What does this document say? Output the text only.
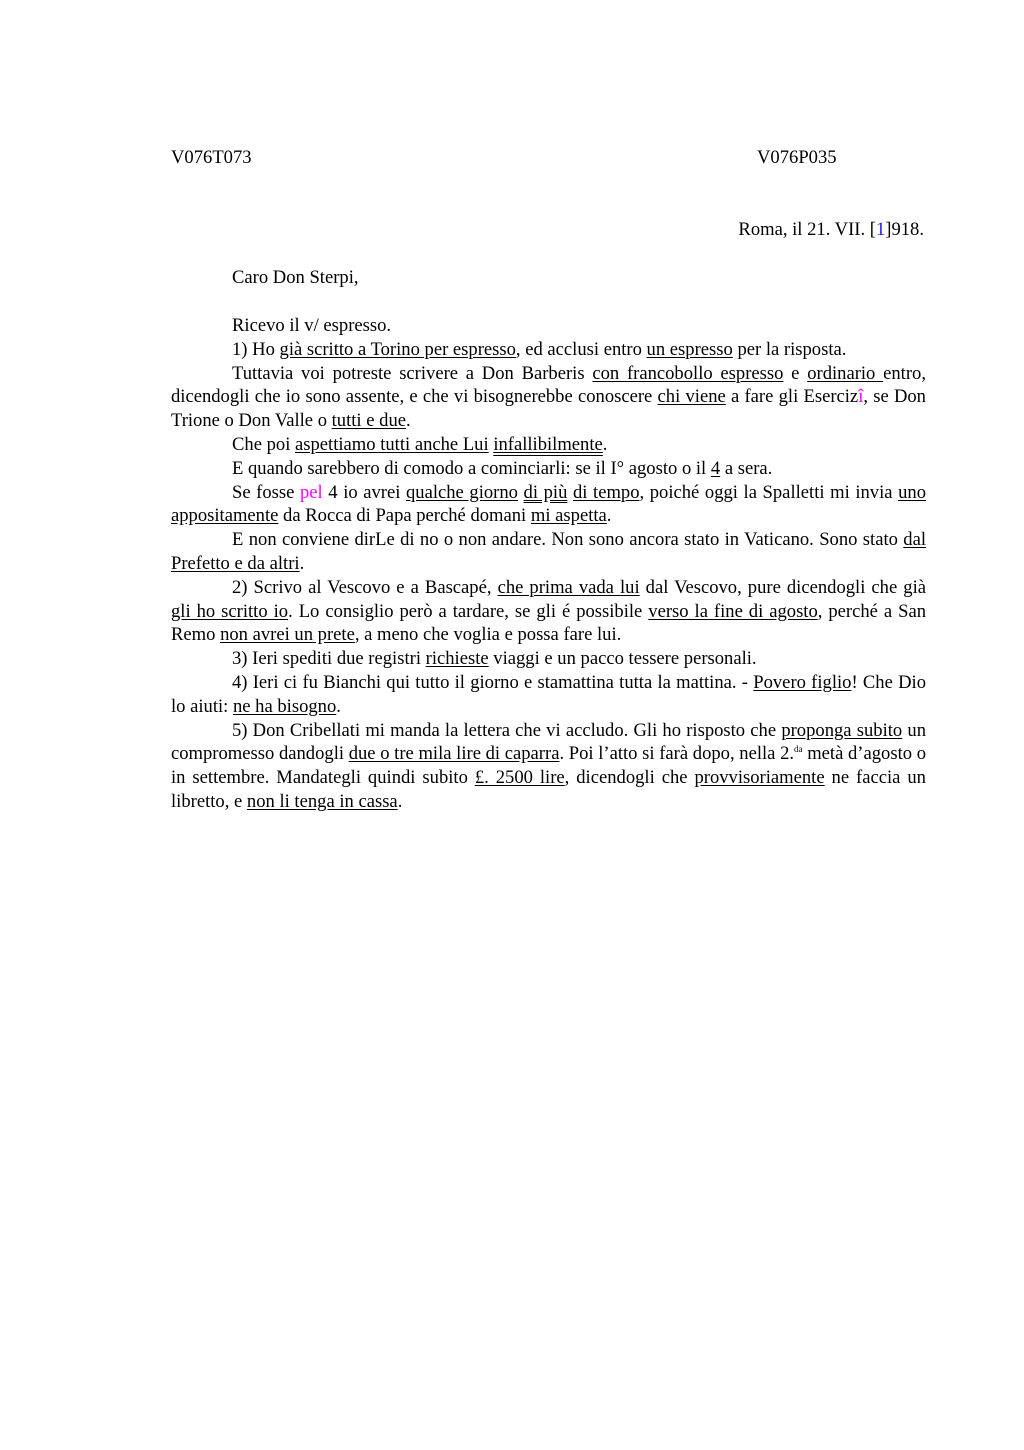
V076T073	V076P035
Roma, il 21. VII. [1]918.
Caro Don Sterpi,

Ricevo il v/ espresso.

1) Ho già scritto a Torino per espresso, ed acclusi entro un espresso per la risposta.

Tuttavia voi potreste scrivere a Don Barberis con francobollo espresso e ordinario entro, dicendogli che io sono assente, e che vi bisognerebbe conoscere chi viene a fare gli Esercizî, se Don Trione o Don Valle o tutti e due.

Che poi aspettiamo tutti anche Lui infallibilmente.

E quando sarebbero di comodo a cominciarli: se il I° agosto o il 4 a sera.

Se fosse pel 4 io avrei qualche giorno di più di tempo, poiché oggi la Spalletti mi invia uno appositamente da Rocca di Papa perché domani mi aspetta.

E non conviene dirLe di no o non andare. Non sono ancora stato in Vaticano. Sono stato dal Prefetto e da altri.

2) Scrivo al Vescovo e a Bascapé, che prima vada lui dal Vescovo, pure dicendogli che già gli ho scritto io. Lo consiglio però a tardare, se gli é possibile verso la fine di agosto, perché a San Remo non avrei un prete, a meno che voglia e possa fare lui.

3) Ieri spediti due registri richieste viaggi e un pacco tessere personali.

4) Ieri ci fu Bianchi qui tutto il giorno e stamattina tutta la mattina. - Povero figlio! Che Dio lo aiuti: ne ha bisogno.

5) Don Cribellati mi manda la lettera che vi accludo. Gli ho risposto che proponga subito un compromesso dandogli due o tre mila lire di caparra. Poi l’atto si farà dopo, nella 2.$^{da}$ metà d’agosto o in settembre. Mandategli quindi subito £. 2500 lire, dicendogli che provvisoriamente ne faccia un libretto, e non li tenga in cassa.
